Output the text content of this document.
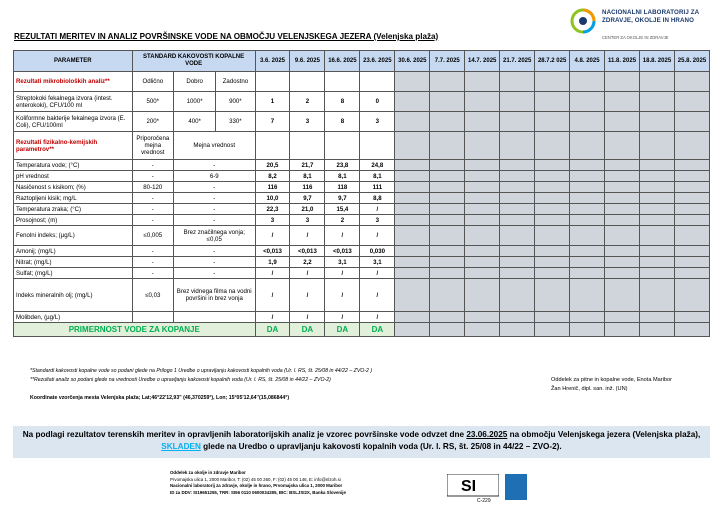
NACIONALNI LABORATORIJ ZA
ZDRAVJE, OKOLJE IN HRANO
CENTER ZA OKOLJE IN ZDRAVJE
REZULTATI MERITEV IN ANALIZ POVRŠINSKE VODE NA OBMOČJU VELENJSKEGA JEZERA (Velenjska plaža)
PARAMETER	STANDARD KAKOVOSTI KOPALNE VODE			3.6. 2025	9.6. 2025	16.6. 2025	23.6. 2025	30.6. 2025	7.7. 2025	14.7. 2025	21.7. 2025	28.7.2 025	4.8. 2025	11.8. 2025	18.8. 2025	25.8. 2025
Rezultati mikrobioloških analiz**	Odlično	Dobro	Zadostno													
Streptokoki fekalnega izvora (intest. enterokoki), CFU/100 ml	500*	1000*	900*	1	2	8	0									
Koliformne bakterije fekalnega izvora (E. Coli), CFU/100ml	200*	400*	330*	7	3	8	3									
Rezultati fizikalno-kemijskih parametrov**	Priporočena mejna vrednost	Mejna vrednost														
Temperatura vode; (°C)	-	-		20,5	21,7	23,8	24,8									
pH vrednost	-	6-9		8,2	8,1	8,1	8,1									
Nasičenost s kisikom; (%)	80-120	-		116	116	118	111									
Raztopljeni kisik; mg/L	-	-		10,0	9,7	9,7	8,8									
Temperatura zraka; (°C)	-	-		22,3	21,0	15,4	/									
Prosojnost; (m)	-	-		3	3	2	3									
Fenolni indeks; (µg/L)	≤0,005	Brez značilnega vonja; ≤0,05		/	/	/	/									
Amonij; (mg/L)	-	-		<0,013	<0,013	<0,013	0,030									
Nitrat; (mg/L)	-	-		1,9	2,2	3,1	3,1									
Sulfat; (mg/L)	-	-		/	/	/	/									
Indeks mineralnih olj; (mg/L)	≤0,03	Brez vidnega filma na vodni površini in brez vonja		/	/	/	/									
Molibden, (µg/L)				/	/	/	/									
PRIMERNOST VODE ZA KOPANJE				DA	DA	DA	DA									
*Standardi kakovosti kopalne vode so podani glede na Prilogo 1 Uredbe o upravljanju kakovosti kopalnih voda (Ur. l. RS, št. 25/08 in 44/22 – ZVO-2 )
**Rezultati analiz so podani glede na vrednosti Uredbe o upravljanju kakovosti kopalnih voda (Ur. l. RS, št. 25/08 in 44/22 – ZVO-2)
Koordinate vzorčenja mesta Velenjska plaža; Lat;46°22'12,93'' (46,370259°), Lon; 15°05'12,64''(15,086844°)
Oddelek za pitne in kopalne vode, Enota Maribor
Žan Hrenič, dipl. san. inž. (UN)
Na podlagi rezultatov terenskih meritev in opravljenih laboratorijskih analiz je vzorec površinske vode odvzet dne 23.06.2025 na območju Velenjskega jezera (Velenjska plaža), SKLADEN glede na Uredbo o upravljanju kakovosti kopalnih voda (Ur. l. RS, št. 25/08 in 44/22 – ZVO-2).
Oddelek za okolje in zdravje Maribor
Prvomajska ulica 1, 2000 Maribor, T: (02) 45 00 260, F: (02) 45 00 146, E: info@nlzoh.si
Nacionalni laboratorij za zdravje, okolje in hrano, Prvomajska ulica 1, 2000 Maribor
ID za DDV: SI19651255, TRR: SI56 0110 0600034285, BIC: BSLJSI2X, Banka Slovenije	SI
C-229
